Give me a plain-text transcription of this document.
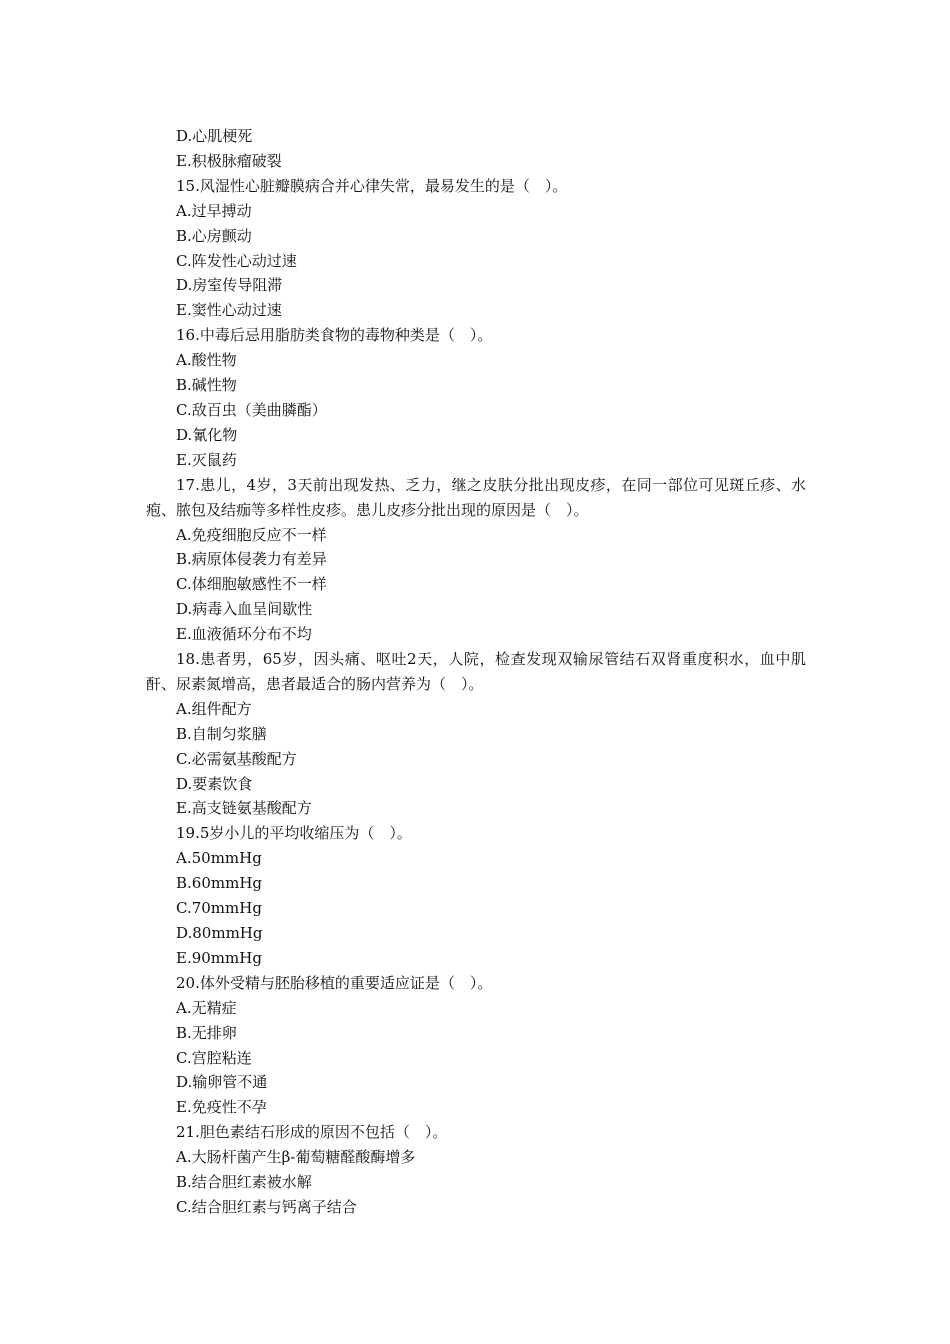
D.心肌梗死
E.积极脉瘤破裂
15.风湿性心脏瓣膜病合并心律失常，最易发生的是（　）。
A.过早搏动
B.心房颤动
C.阵发性心动过速
D.房室传导阻滞
E.窦性心动过速
16.中毒后忌用脂肪类食物的毒物种类是（　）。
A.酸性物
B.碱性物
C.敌百虫（美曲膦酯）
D.氰化物
E.灭鼠药

17.患儿，4岁，3天前出现发热、乏力，继之皮肤分批出现皮疹，在同一部位可见斑丘疹、水疱、脓包及结痂等多样性皮疹。患儿皮疹分批出现的原因是（　）。

A.免疫细胞反应不一样
B.病原体侵袭力有差异
C.体细胞敏感性不一样
D.病毒入血呈间歇性
E.血液循环分布不均

18.患者男，65岁，因头痛、呕吐2天，人院，检查发现双输尿管结石双肾重度积水，血中肌酐、尿素氮增高，患者最适合的肠内营养为（　）。

A.组件配方
B.自制匀浆膳
C.必需氨基酸配方
D.要素饮食
E.高支链氨基酸配方
19.5岁小儿的平均收缩压为（　）。
A.50mmHg
B.60mmHg
C.70mmHg
D.80mmHg
E.90mmHg
20.体外受精与胚胎移植的重要适应证是（　）。
A.无精症
B.无排卵
C.宫腔粘连
D.输卵管不通
E.免疫性不孕
21.胆色素结石形成的原因不包括（　）。
A.大肠杆菌产生β-葡萄糖醛酸酶增多
B.结合胆红素被水解
C.结合胆红素与钙离子结合
